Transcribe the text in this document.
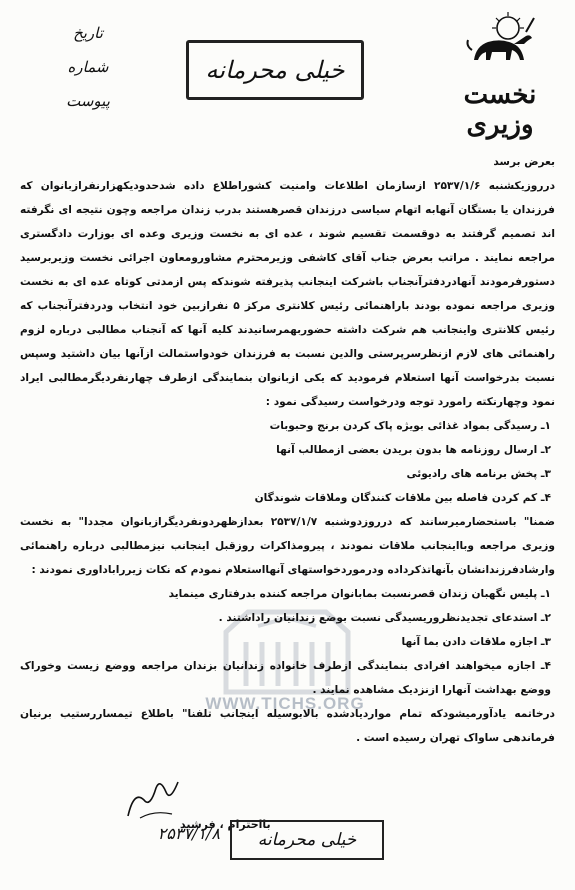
نخست وزیری
خیلی محرمانه
تاریخ
شماره
پیوست
WWW.TICHS.ORG

بعرض برسد

درروزیکشنبه ۲۵۳۷/۱/۶ ازسازمان اطلاعات وامنیت کشوراطلاع داده شدحدودیکهزارنفرازبانوان که فرزندان یا بستگان آنهابه اتهام سیاسی درزندان قصرهستند بدرب زندان مراجعه وچون نتیجه ای نگرفته اند تصمیم گرفتند به دوقسمت تقسیم شوند ، عده ای به نخست وزیری وعده ای بوزارت دادگستری مراجعه نمایند . مراتب بعرض جناب آقای کاشفی وزیرمحترم مشاورومعاون اجرائی نخست وزیربرسید دستورفرمودند آنهادردفترآنجناب باشرکت اینجانب پذیرفته شوندکه پس ازمدتی کوتاه عده ای به نخست وزیری مراجعه نموده بودند باراهنمائی رئیس کلانتری مرکز ۵ نفرازبین خود انتخاب ودردفترآنجناب که رئیس کلانتری واینجانب هم شرکت داشته حضوربهمرسانیدند کلیه آنها که آنجناب مطالبی درباره لزوم راهنمائی های لازم ازنظرسرپرستی والدین نسبت به فرزندان خودواستمالت ازآنها بیان داشتید وسپس نسبت بدرخواست آنها استعلام فرمودید که یکی ازبانوان بنمایندگی ازطرف چهارنفردیگرمطالبی ایراد نمود وچهارنکته رامورد توجه ودرخواست رسیدگی نمود :

۱ـ رسیدگی بمواد غذائی بویژه پاک کردن برنج وحبوبات

۲ـ ارسال روزنامه ها بدون بریدن بعضی ازمطالب آنها

۳ـ پخش برنامه های رادیوئی

۴ـ کم کردن فاصله بین ملاقات کنندگان وملاقات شوندگان

ضمنا" باستحضارمیرسانند که درروزدوشنبه ۲۵۳۷/۱/۷ بعدازظهردونفردیگرازبانوان مجددا" به نخست وزیری مراجعه وبااینجانب ملاقات نمودند ، پیرومذاکرات روزقبل اینجانب نیزمطالبی درباره راهنمائی وارشادفرزندانشان بآنهاتذکرداده ودرموردخواستهای آنهااستعلام نمودم که نکات زیرراباداوری نمودند :

۱ـ پلیس نگهبان زندان قصرنسبت بمابانوان مراجعه کننده بدرفتاری مینماید

۲ـ استدعای تجدیدنظروریسیدگی نسبت بوضع زندانیان راداشتند .

۳ـ اجازه ملاقات دادن بما آنها

۴ـ اجازه میخواهند افرادی بنمایندگی ازطرف خانواده زندانیان بزندان مراجعه ووضع زیست وخوراک ووضع بهداشت آنهارا ازنزدیک مشاهده نمایند .

درخاتمه یادآورمیشودکه تمام مواردیادشده بالابوسیله اینجانب تلفنا" باطلاع تیمساررستیب برنیان فرماندهی ساواک تهران رسیده است .

بااحترام ، فرشید
۲۵۳۷/۱/۸	خیلی محرمانه
